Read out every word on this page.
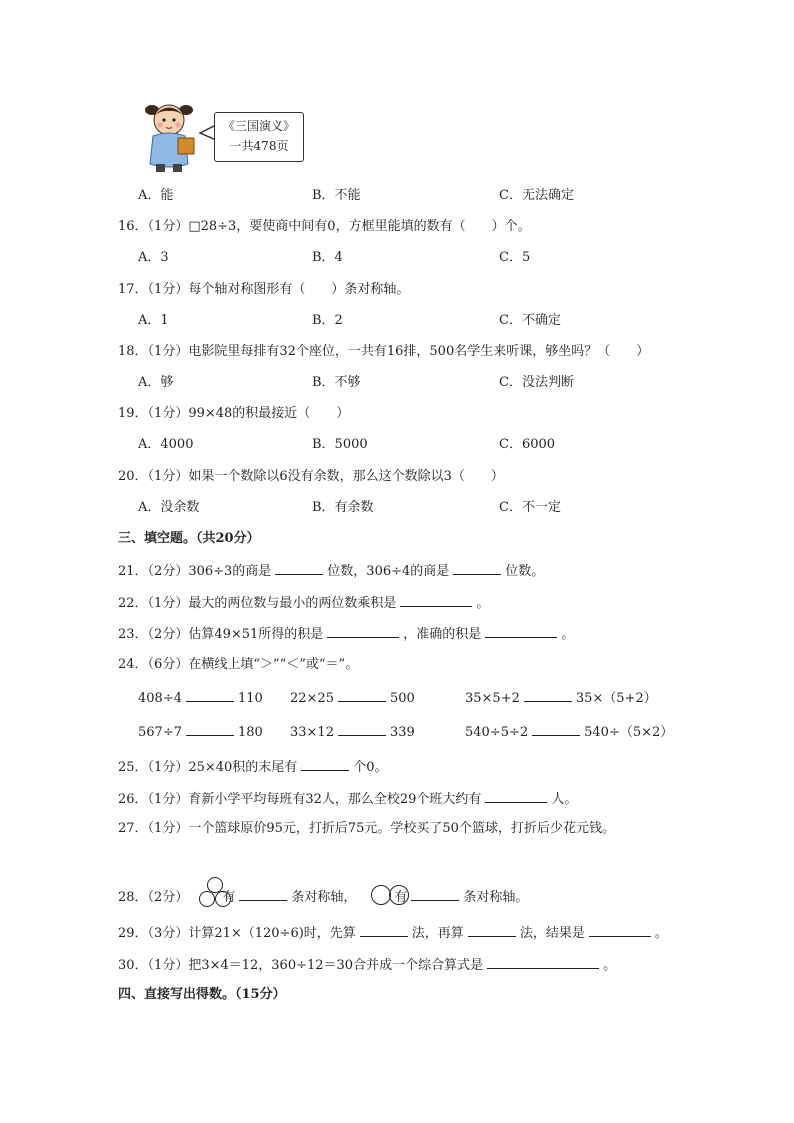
《三国演义》
一共478页
A．能	B．不能	C．无法确定
16．（1分）□28÷3，要使商中间有0，方框里能填的数有（　　）个。
A．3	B．4	C．5
17．（1分）每个轴对称图形有（　　）条对称轴。
A．1	B．2	C．不确定
18．（1分）电影院里每排有32个座位，一共有16排，500名学生来听课，够坐吗？（　　）
A．够	B．不够	C．没法判断
19．（1分）99×48的积最接近（　　）
A．4000	B．5000	C．6000
20．（1分）如果一个数除以6没有余数，那么这个数除以3（　　）
A．没余数	B．有余数	C．不一定
三、填空题。（共20分）
21．（2分）306÷3的商是	位数，306÷4的商是	位数。
22．（1分）最大的两位数与最小的两位数乘积是	。
23．（2分）估算49×51所得的积是	，准确的积是	。
24．（6分）在横线上填“＞”“＜”或“＝”。
408÷4	110 22×25	500	35×5+2	35×（5+2）
567÷7	180 33×12	339	540÷5÷2	540÷（5×2）
25．（1分）25×40积的末尾有	个0。
26．（1分）育新小学平均每班有32人，那么全校29个班大约有	人。
27．（1分）一个篮球原价95元，打折后75元。学校买了50个篮球，打折后少花元钱。
28．（2分）	有	条对称轴，	有	条对称轴。
29．（3分）计算21×（120÷6)时，先算	法，再算	法，结果是	。
30．（1分）把3×4＝12，360÷12＝30合并成一个综合算式是	。
四、直接写出得数。（15分）
